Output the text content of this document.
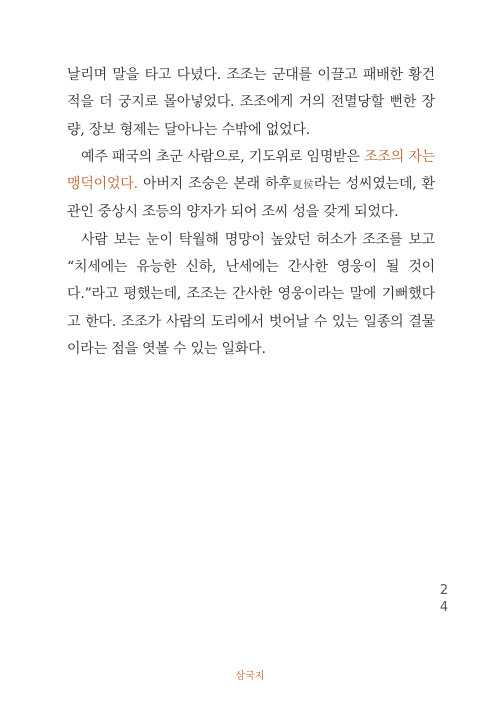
날리며 말을 타고 다녔다. 조조는 군대를 이끌고 패배한 황건적을 더 궁지로 몰아넣었다. 조조에게 거의 전멸당할 뻔한 장량, 장보 형제는 달아나는 수밖에 없었다.

예주 패국의 초군 사람으로, 기도위로 임명받은 조조의 자는 맹덕이었다. 아버지 조숭은 본래 하후夏侯라는 성씨였는데, 환관인 중상시 조등의 양자가 되어 조씨 성을 갖게 되었다.

사람 보는 눈이 탁월해 명망이 높았던 허소가 조조를 보고 “치세에는 유능한 신하, 난세에는 간사한 영웅이 될 것이다.”라고 평했는데, 조조는 간사한 영웅이라는 말에 기뻐했다고 한다. 조조가 사람의 도리에서 벗어날 수 있는 일종의 결물이라는 점을 엿볼 수 있는 일화다.

2
4
삼국지
